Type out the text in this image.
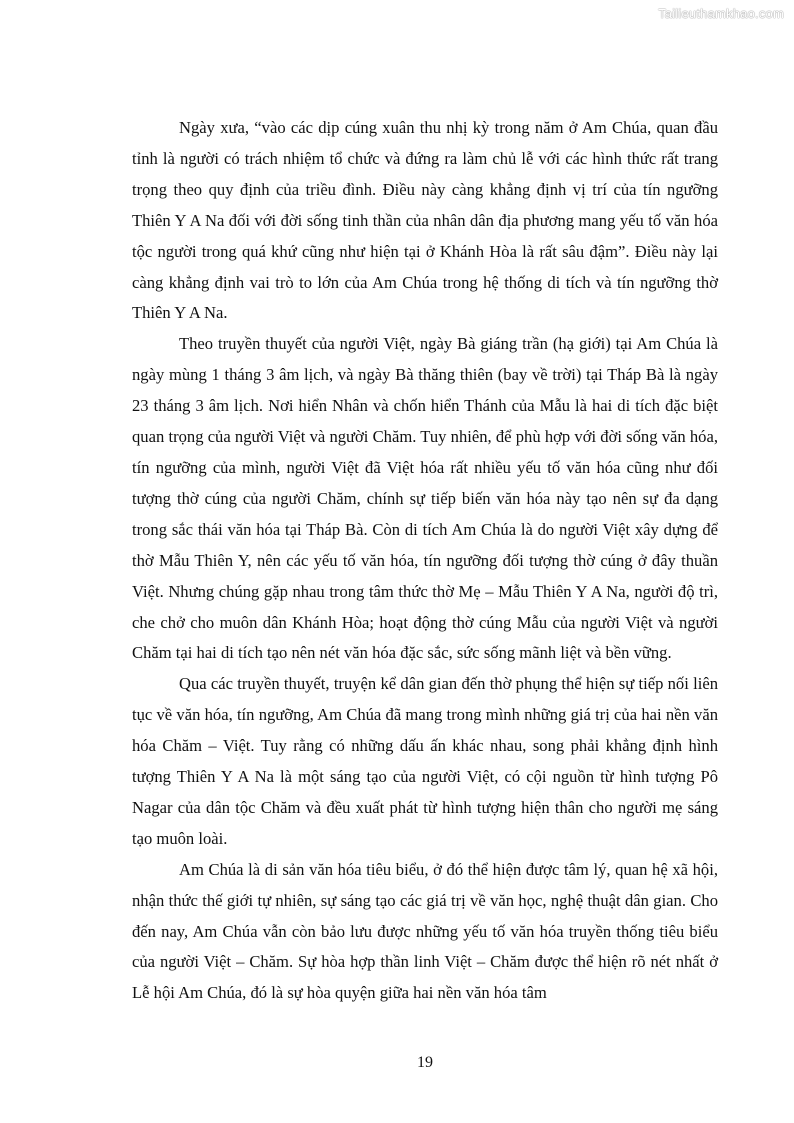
Tailieuthamkhao.com

Ngày xưa, “vào các dịp cúng xuân thu nhị kỳ trong năm ở Am Chúa, quan đầu tỉnh là người có trách nhiệm tổ chức và đứng ra làm chủ lễ với các hình thức rất trang trọng theo quy định của triều đình. Điều này càng khẳng định vị trí của tín ngưỡng Thiên Y A Na đối với đời sống tinh thần của nhân dân địa phương mang yếu tố văn hóa tộc người trong quá khứ cũng như hiện tại ở Khánh Hòa là rất sâu đậm”. Điều này lại càng khẳng định vai trò to lớn của Am Chúa trong hệ thống di tích và tín ngưỡng thờ Thiên Y A Na.

Theo truyền thuyết của người Việt, ngày Bà giáng trần (hạ giới) tại Am Chúa là ngày mùng 1 tháng 3 âm lịch, và ngày Bà thăng thiên (bay về trời) tại Tháp Bà là ngày 23 tháng 3 âm lịch. Nơi hiển Nhân và chốn hiển Thánh của Mẫu là hai di tích đặc biệt quan trọng của người Việt và người Chăm. Tuy nhiên, để phù hợp với đời sống văn hóa, tín ngưỡng của mình, người Việt đã Việt hóa rất nhiều yếu tố văn hóa cũng như đối tượng thờ cúng của người Chăm, chính sự tiếp biến văn hóa này tạo nên sự đa dạng trong sắc thái văn hóa tại Tháp Bà. Còn di tích Am Chúa là do người Việt xây dựng để thờ Mẫu Thiên Y, nên các yếu tố văn hóa, tín ngưỡng đối tượng thờ cúng ở đây thuần Việt. Nhưng chúng gặp nhau trong tâm thức thờ Mẹ – Mẫu Thiên Y A Na, người độ trì, che chở cho muôn dân Khánh Hòa; hoạt động thờ cúng Mẫu của người Việt và người Chăm tại hai di tích tạo nên nét văn hóa đặc sắc, sức sống mãnh liệt và bền vững.

Qua các truyền thuyết, truyện kể dân gian đến thờ phụng thể hiện sự tiếp nối liên tục về văn hóa, tín ngưỡng, Am Chúa đã mang trong mình những giá trị của hai nền văn hóa Chăm – Việt. Tuy rằng có những dấu ấn khác nhau, song phải khẳng định hình tượng Thiên Y A Na là một sáng tạo của người Việt, có cội nguồn từ hình tượng Pô Nagar của dân tộc Chăm và đều xuất phát từ hình tượng hiện thân cho người mẹ sáng tạo muôn loài.

Am Chúa là di sản văn hóa tiêu biểu, ở đó thể hiện được tâm lý, quan hệ xã hội, nhận thức thế giới tự nhiên, sự sáng tạo các giá trị về văn học, nghệ thuật dân gian. Cho đến nay, Am Chúa vẫn còn bảo lưu được những yếu tố văn hóa truyền thống tiêu biểu của người Việt – Chăm. Sự hòa hợp thần linh Việt – Chăm được thể hiện rõ nét nhất ở Lễ hội Am Chúa, đó là sự hòa quyện giữa hai nền văn hóa tâm

19
